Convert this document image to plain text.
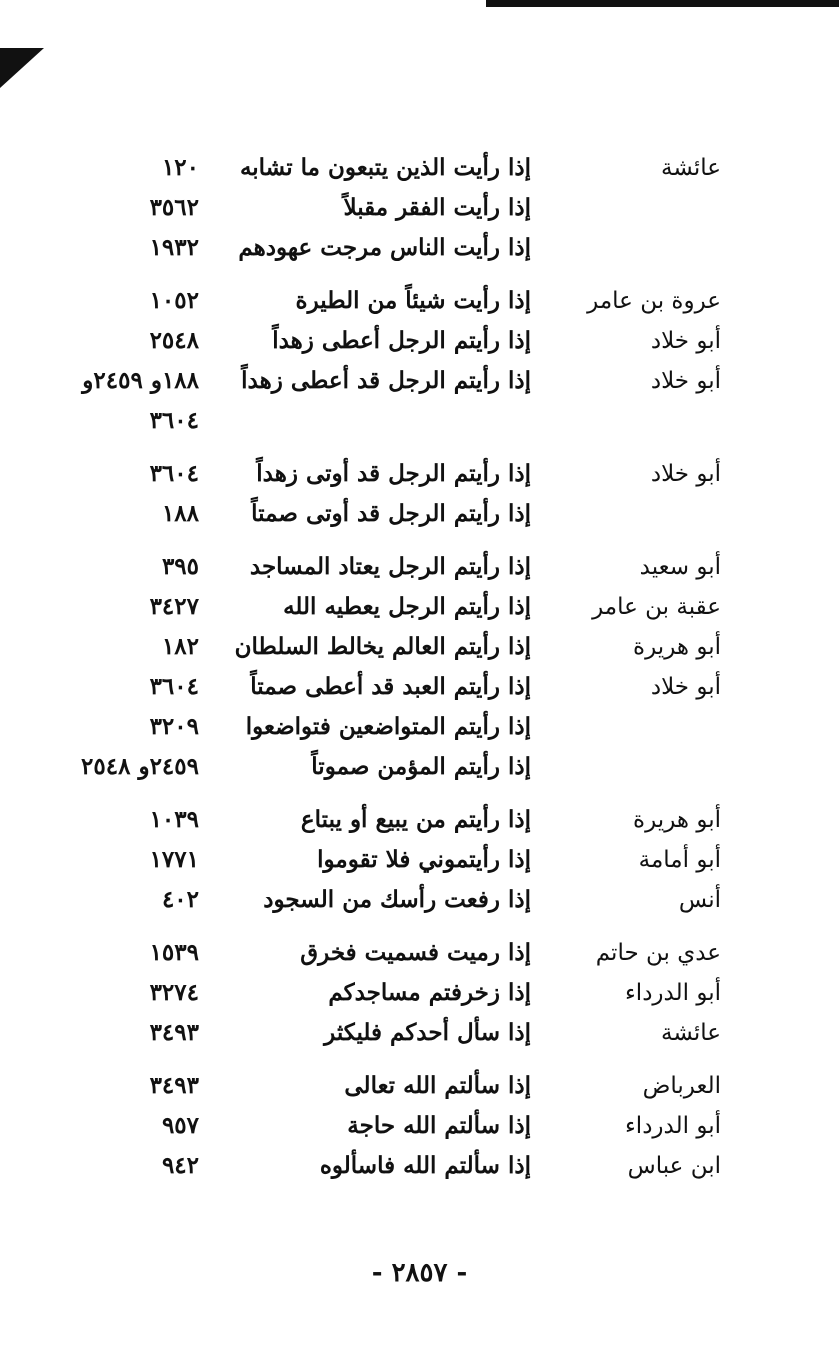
عائشة
إذا رأيت الذين يتبعون ما تشابه
١٢٠
إذا رأيت الفقر مقبلاً
٣٥٦٢
إذا رأيت الناس مرجت عهودهم
١٩٣٢
عروة بن عامر
إذا رأيت شيئاً من الطيرة
١٠٥٢
أبو خلاد
إذا رأيتم الرجل أعطى زهداً
٢٥٤٨
أبو خلاد
إذا رأيتم الرجل قد أعطى زهداً
١٨٨و ٢٤٥٩و
٣٦٠٤
أبو خلاد
إذا رأيتم الرجل قد أوتى زهداً
٣٦٠٤
إذا رأيتم الرجل قد أوتى صمتاً
١٨٨
أبو سعيد
إذا رأيتم الرجل يعتاد المساجد
٣٩٥
عقبة بن عامر
إذا رأيتم الرجل يعطيه الله
٣٤٢٧
أبو هريرة
إذا رأيتم العالم يخالط السلطان
١٨٢
أبو خلاد
إذا رأيتم العبد قد أعطى صمتاً
٣٦٠٤
إذا رأيتم المتواضعين فتواضعوا
٣٢٠٩
إذا رأيتم المؤمن صموتاً
٢٤٥٩و ٢٥٤٨
أبو هريرة
إذا رأيتم من يبيع أو يبتاع
١٠٣٩
أبو أمامة
إذا رأيتموني فلا تقوموا
١٧٧١
أنس
إذا رفعت رأسك من السجود
٤٠٢
عدي بن حاتم
إذا رميت فسميت فخرق
١٥٣٩
أبو الدرداء
إذا زخرفتم مساجدكم
٣٢٧٤
عائشة
إذا سأل أحدكم فليكثر
٣٤٩٣
العرباض
إذا سألتم الله تعالى
٣٤٩٣
أبو الدرداء
إذا سألتم الله حاجة
٩٥٧
ابن عباس
إذا سألتم الله فاسألوه
٩٤٢
- ٢٨٥٧ -
